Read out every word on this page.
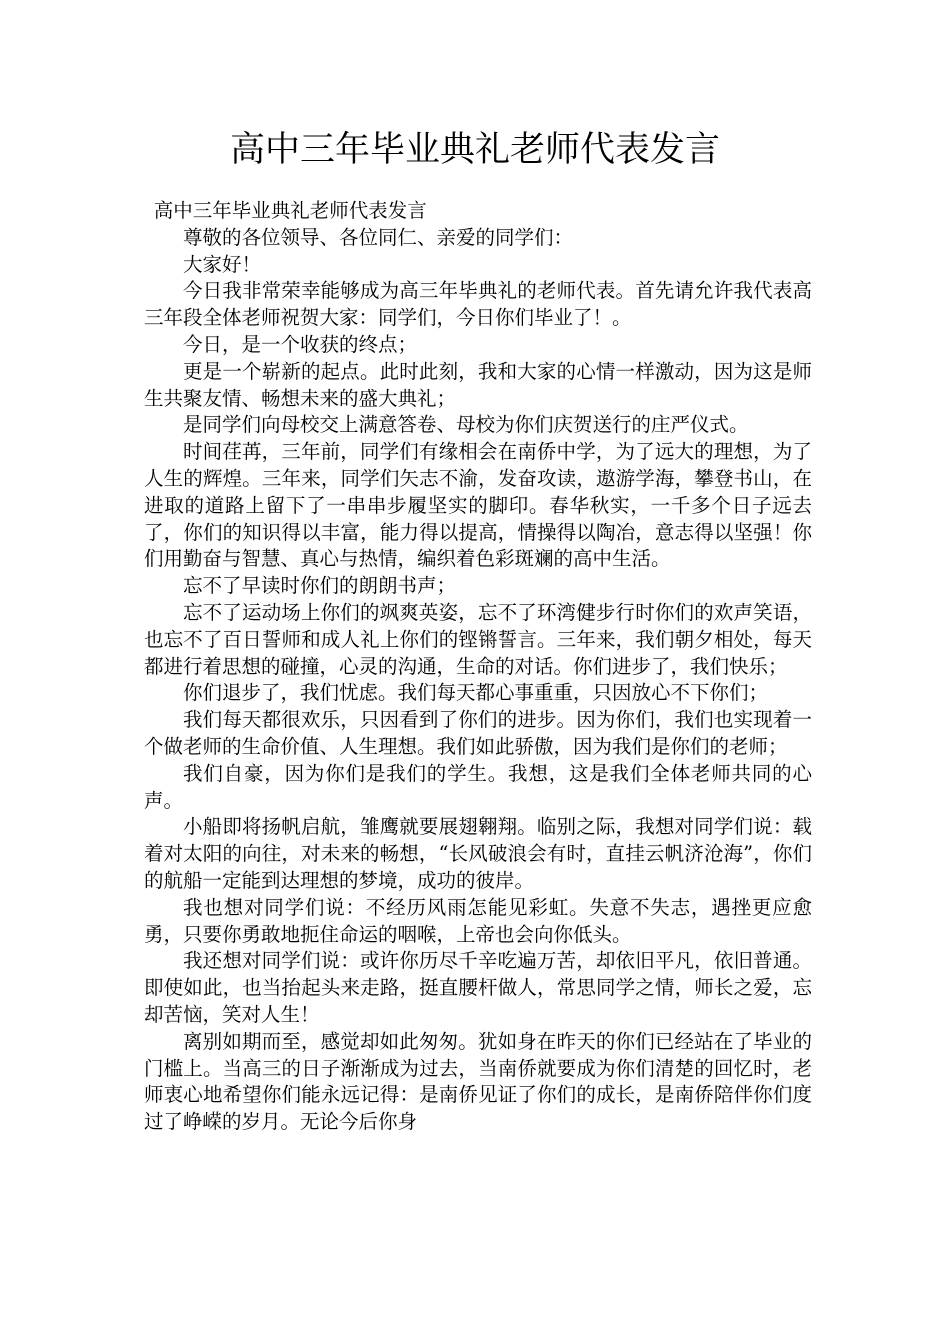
高中三年毕业典礼老师代表发言

高中三年毕业典礼老师代表发言

尊敬的各位领导、各位同仁、亲爱的同学们：

大家好！

今日我非常荣幸能够成为高三年毕典礼的老师代表。首先请允许我代表高三年段全体老师祝贺大家：同学们，今日你们毕业了！。

今日，是一个收获的终点；

更是一个崭新的起点。此时此刻，我和大家的心情一样激动，因为这是师生共聚友情、畅想未来的盛大典礼；

是同学们向母校交上满意答卷、母校为你们庆贺送行的庄严仪式。

时间荏苒，三年前，同学们有缘相会在南侨中学，为了远大的理想，为了人生的辉煌。三年来，同学们矢志不渝，发奋攻读，遨游学海，攀登书山，在进取的道路上留下了一串串步履坚实的脚印。春华秋实，一千多个日子远去了，你们的知识得以丰富，能力得以提高，情操得以陶冶，意志得以坚强！你们用勤奋与智慧、真心与热情，编织着色彩斑斓的高中生活。

忘不了早读时你们的朗朗书声；

忘不了运动场上你们的飒爽英姿，忘不了环湾健步行时你们的欢声笑语，也忘不了百日誓师和成人礼上你们的铿锵誓言。三年来，我们朝夕相处，每天都进行着思想的碰撞，心灵的沟通，生命的对话。你们进步了，我们快乐；

你们退步了，我们忧虑。我们每天都心事重重，只因放心不下你们；

我们每天都很欢乐，只因看到了你们的进步。因为你们，我们也实现着一个做老师的生命价值、人生理想。我们如此骄傲，因为我们是你们的老师；

我们自豪，因为你们是我们的学生。我想，这是我们全体老师共同的心声。

小船即将扬帆启航，雏鹰就要展翅翱翔。临别之际，我想对同学们说：载着对太阳的向往，对未来的畅想，“长风破浪会有时，直挂云帆济沧海”，你们的航船一定能到达理想的梦境，成功的彼岸。

我也想对同学们说：不经历风雨怎能见彩虹。失意不失志，遇挫更应愈勇，只要你勇敢地扼住命运的咽喉，上帝也会向你低头。

我还想对同学们说：或许你历尽千辛吃遍万苦，却依旧平凡，依旧普通。即使如此，也当抬起头来走路，挺直腰杆做人，常思同学之情，师长之爱，忘却苦恼，笑对人生！

离别如期而至，感觉却如此匆匆。犹如身在昨天的你们已经站在了毕业的门槛上。当高三的日子渐渐成为过去，当南侨就要成为你们清楚的回忆时，老师衷心地希望你们能永远记得：是南侨见证了你们的成长，是南侨陪伴你们度过了峥嵘的岁月。无论今后你身
